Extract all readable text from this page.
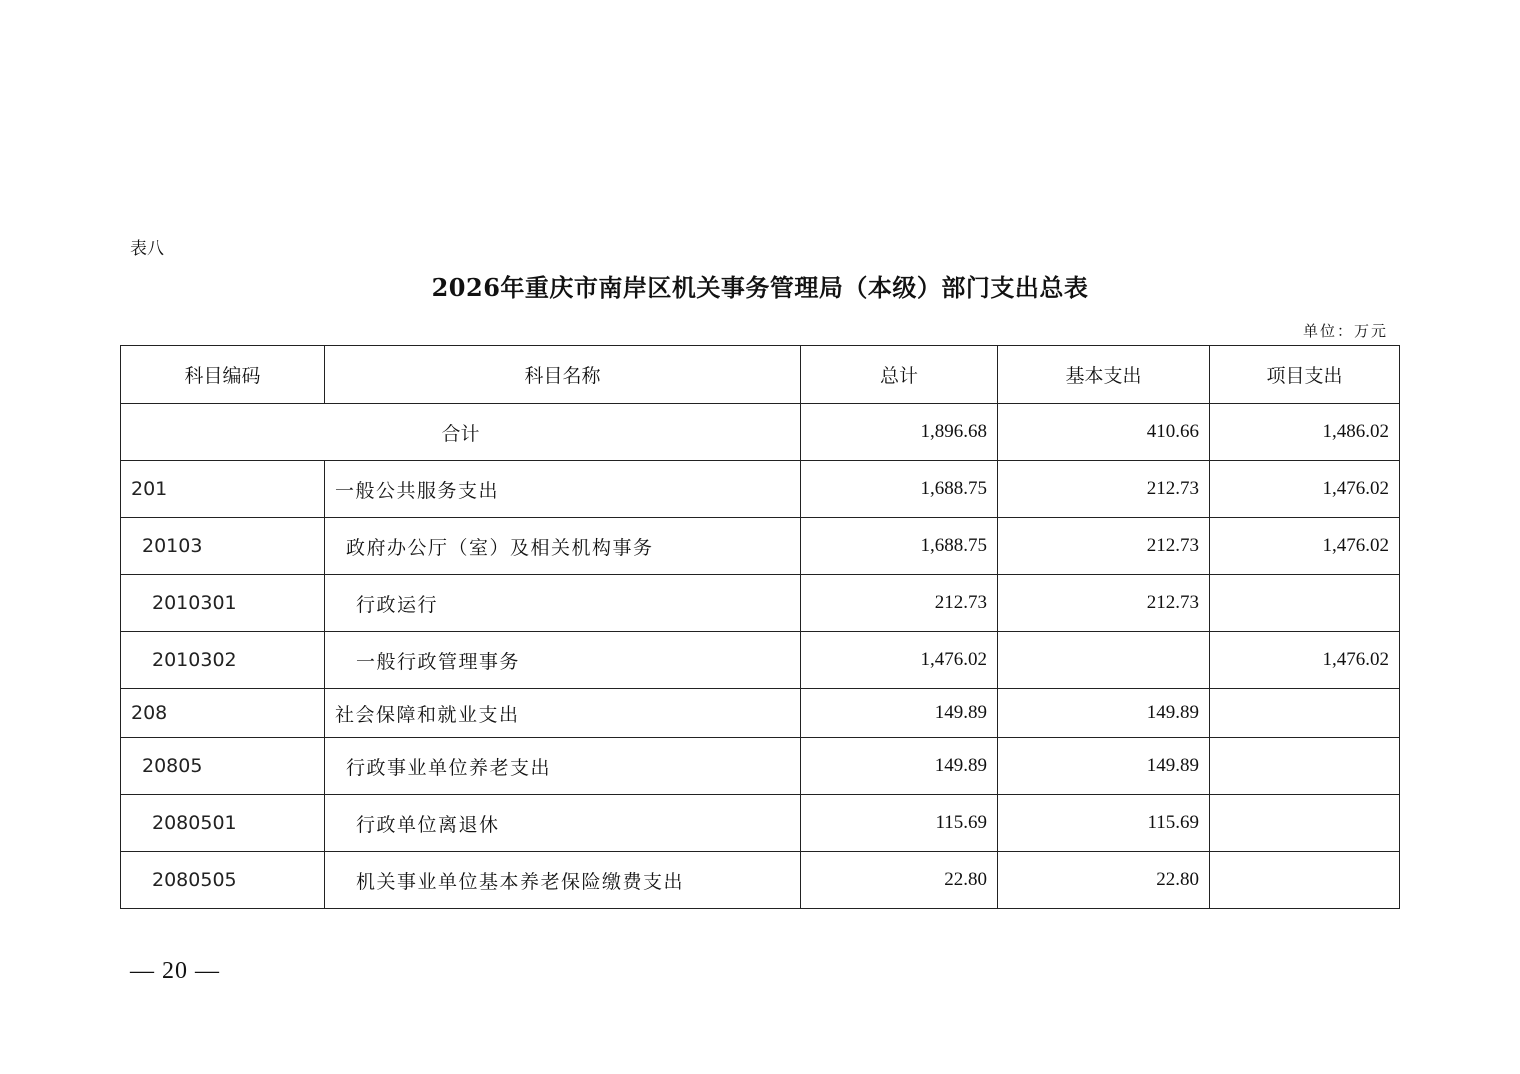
表八
2026年重庆市南岸区机关事务管理局（本级）部门支出总表
单位：万元
科目编码	科目名称	总计	基本支出	项目支出
合计		1,896.68	410.66	1,486.02
201	一般公共服务支出	1,688.75	212.73	1,476.02
20103	政府办公厅（室）及相关机构事务	1,688.75	212.73	1,476.02
2010301	行政运行	212.73	212.73	
2010302	一般行政管理事务	1,476.02		1,476.02
208	社会保障和就业支出	149.89	149.89	
20805	行政事业单位养老支出	149.89	149.89	
2080501	行政单位离退休	115.69	115.69	
2080505	机关事业单位基本养老保险缴费支出	22.80	22.80	
— 20 —
